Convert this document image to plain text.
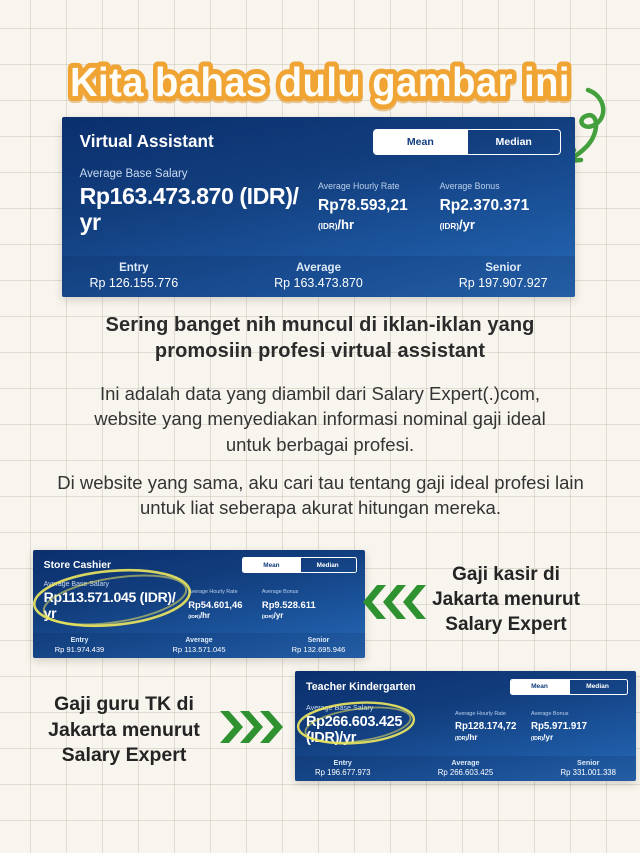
Kita bahas dulu gambar ini
Virtual Assistant	Mean	Median
Average Base Salary
Rp163.473.870 (IDR)/
yr
Average Hourly Rate
Rp78.593,21
(IDR)/hr
Average Bonus
Rp2.370.371
(IDR)/yr
Entry
Rp 126.155.776
Average
Rp 163.473.870
Senior
Rp 197.907.927
Sering banget nih muncul di iklan-iklan yang promosiin profesi virtual assistant
Ini adalah data yang diambil dari Salary Expert(.)com, website yang menyediakan informasi nominal gaji ideal untuk berbagai profesi.
Di website yang sama, aku cari tau tentang gaji ideal profesi lain untuk liat seberapa akurat hitungan mereka.
Store Cashier	Mean	Median
Average Base Salary
Rp113.571.045 (IDR)/
yr
Average Hourly Rate
Rp54.601,46
(IDR)/hr
Average Bonus
Rp9.528.611
(IDR)/yr
Entry
Rp 91.974.439
Average
Rp 113.571.045
Senior
Rp 132.695.946
Gaji kasir di Jakarta menurut Salary Expert
Gaji guru TK di Jakarta menurut Salary Expert
Teacher Kindergarten	Mean	Median
Average Base Salary
Rp266.603.425
(IDR)/yr
Average Hourly Rate
Rp128.174,72
(IDR)/hr
Average Bonus
Rp5.971.917
(IDR)/yr
Entry
Rp 196.677.973
Average
Rp 266.603.425
Senior
Rp 331.001.338
